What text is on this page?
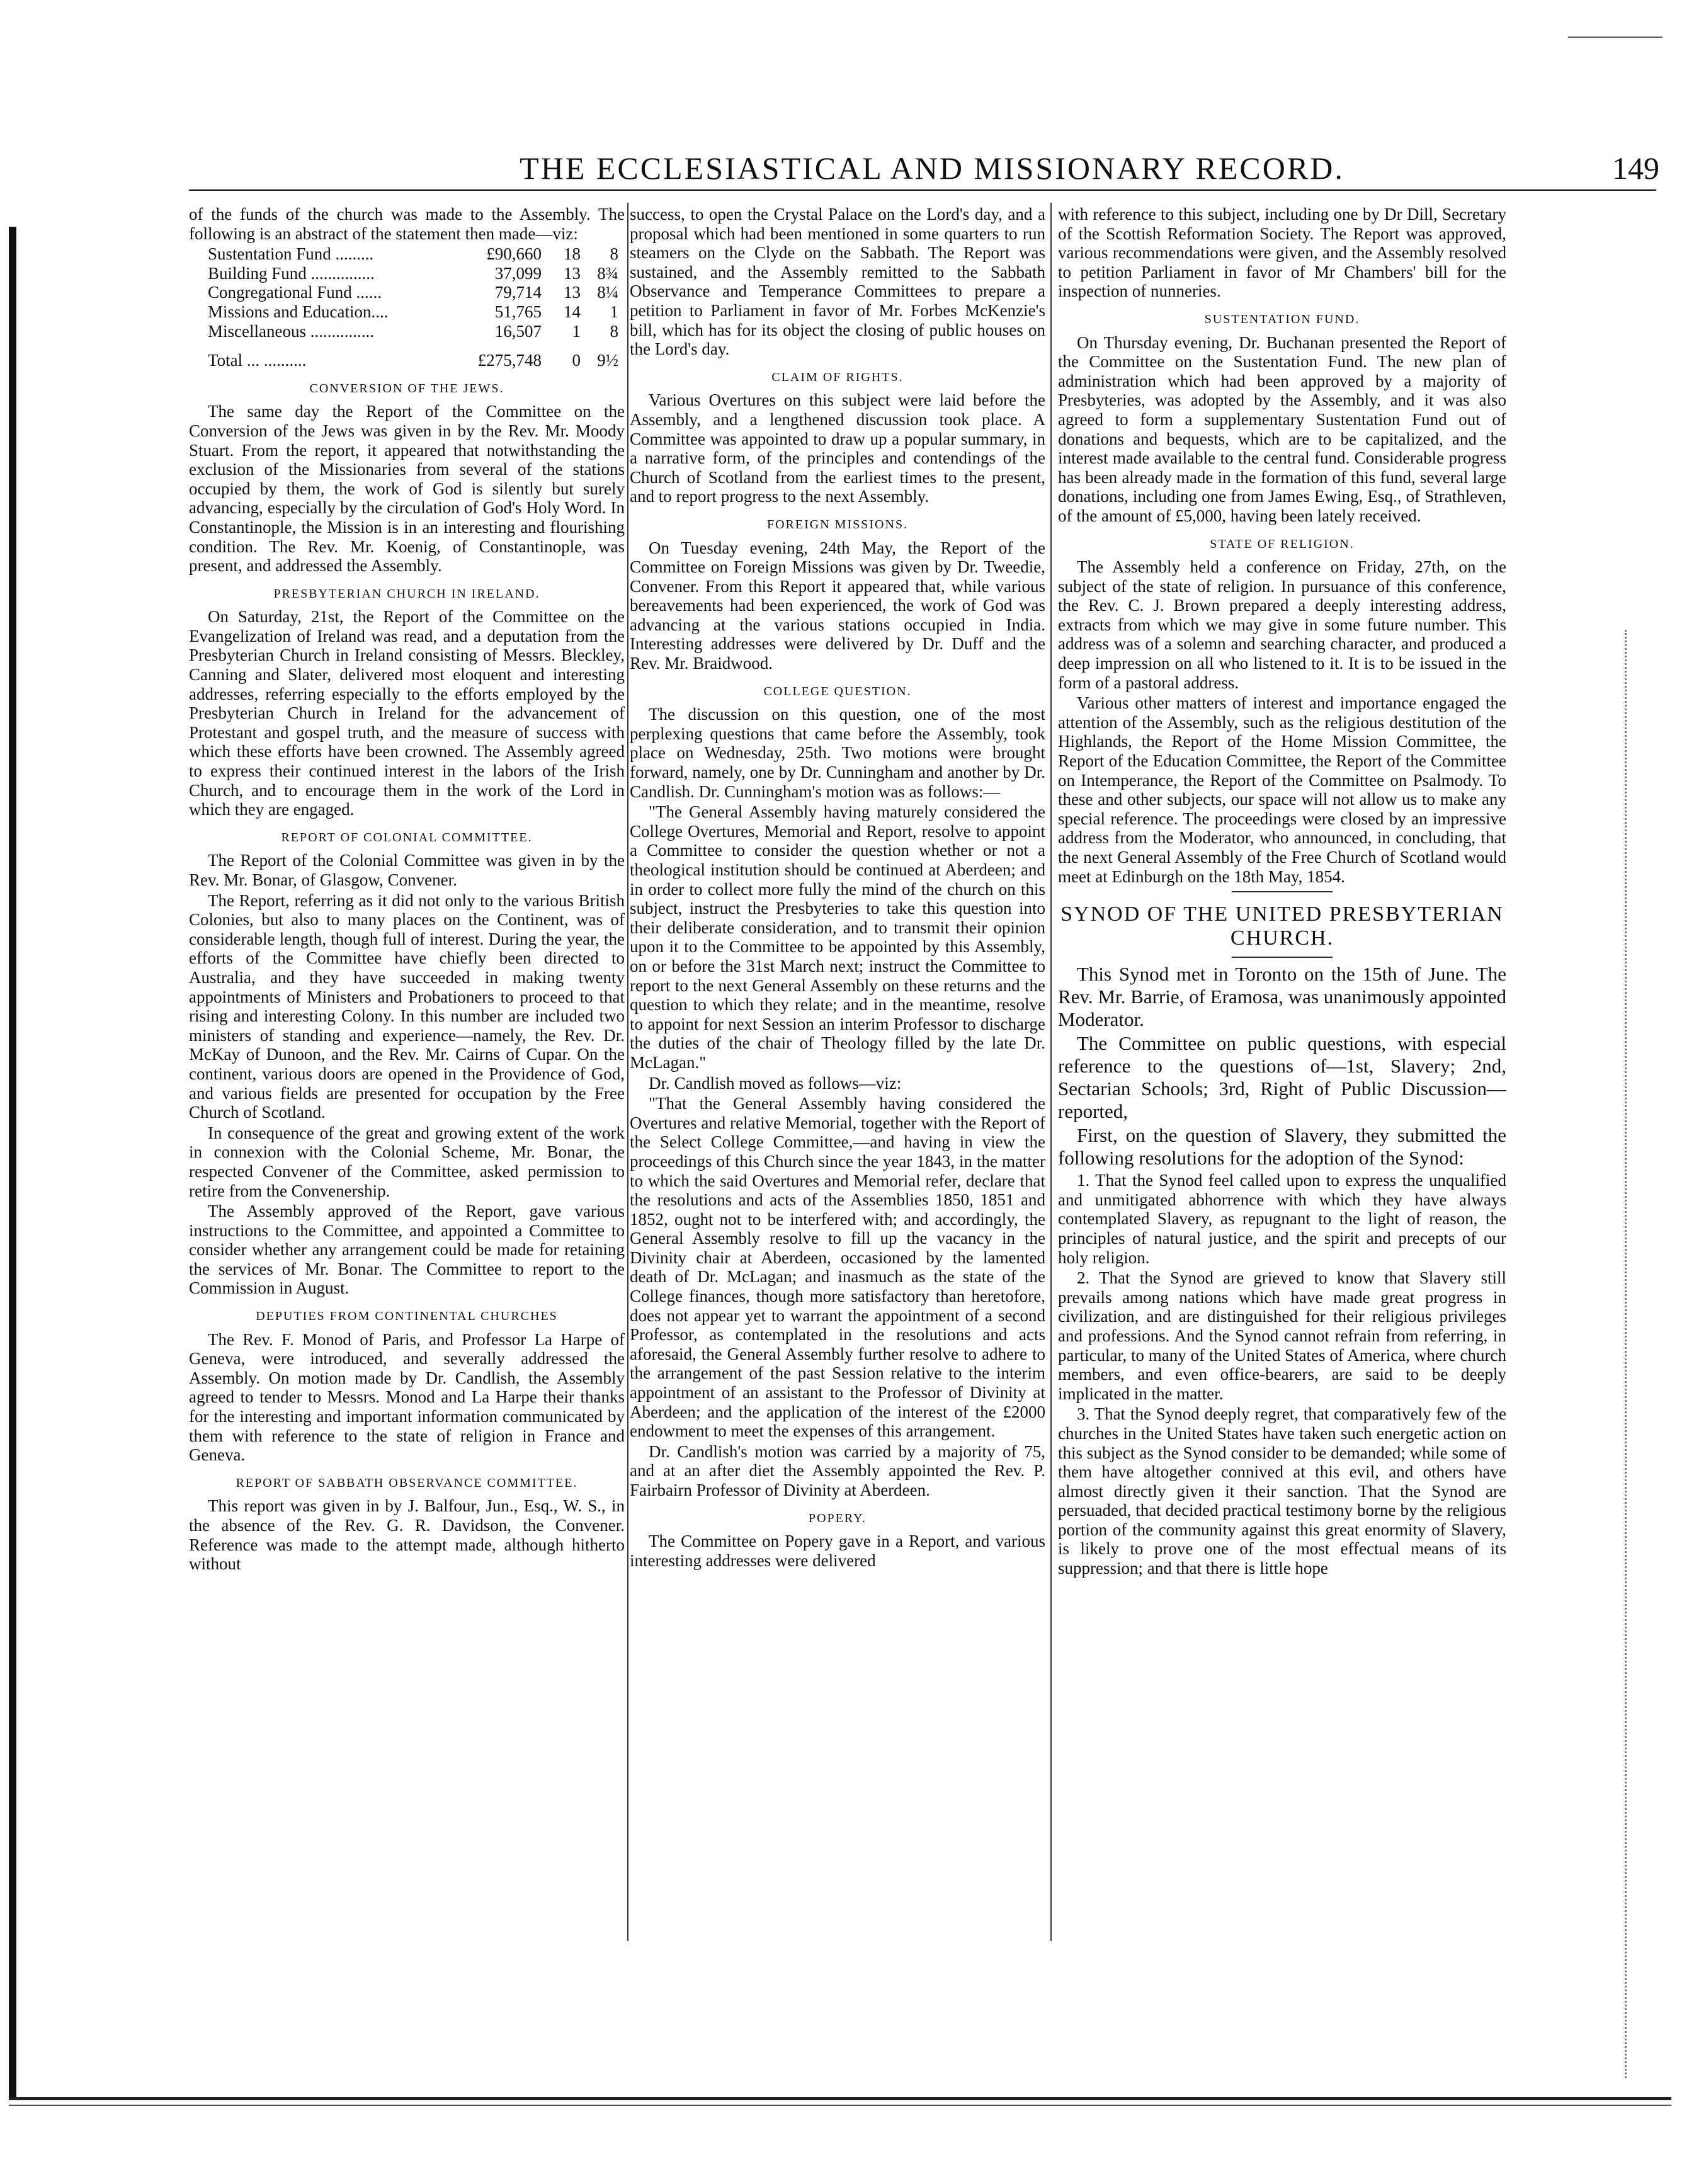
THE ECCLESIASTICAL AND MISSIONARY RECORD.	149

of the funds of the church was made to the Assembly. The following is an abstract of the statement then made—viz:

Sustentation Fund .........	£90,660	18	8
Building Fund ...............	37,099	13	8¾
Congregational Fund ......	79,714	13	8¼
Missions and Education....	51,765	14	1
Miscellaneous ...............	16,507	1	8
Total ... ..........	£275,748	0	9½
CONVERSION OF THE JEWS.

The same day the Report of the Committee on the Conversion of the Jews was given in by the Rev. Mr. Moody Stuart. From the report, it appeared that notwithstanding the exclusion of the Missionaries from several of the stations occupied by them, the work of God is silently but surely advancing, especially by the circulation of God's Holy Word. In Constantinople, the Mission is in an interesting and flourishing condition. The Rev. Mr. Koenig, of Constantinople, was present, and addressed the Assembly.

PRESBYTERIAN CHURCH IN IRELAND.

On Saturday, 21st, the Report of the Committee on the Evangelization of Ireland was read, and a deputation from the Presbyterian Church in Ireland consisting of Messrs. Bleckley, Canning and Slater, delivered most eloquent and interesting addresses, referring especially to the efforts employed by the Presbyterian Church in Ireland for the advancement of Protestant and gospel truth, and the measure of success with which these efforts have been crowned. The Assembly agreed to express their continued interest in the labors of the Irish Church, and to encourage them in the work of the Lord in which they are engaged.

REPORT OF COLONIAL COMMITTEE.

The Report of the Colonial Committee was given in by the Rev. Mr. Bonar, of Glasgow, Convener.

The Report, referring as it did not only to the various British Colonies, but also to many places on the Continent, was of considerable length, though full of interest. During the year, the efforts of the Committee have chiefly been directed to Australia, and they have succeeded in making twenty appointments of Ministers and Probationers to proceed to that rising and interesting Colony. In this number are included two ministers of standing and experience—namely, the Rev. Dr. McKay of Dunoon, and the Rev. Mr. Cairns of Cupar. On the continent, various doors are opened in the Providence of God, and various fields are presented for occupation by the Free Church of Scotland.

In consequence of the great and growing extent of the work in connexion with the Colonial Scheme, Mr. Bonar, the respected Convener of the Committee, asked permission to retire from the Convenership.

The Assembly approved of the Report, gave various instructions to the Committee, and appointed a Committee to consider whether any arrangement could be made for retaining the services of Mr. Bonar. The Committee to report to the Commission in August.

DEPUTIES FROM CONTINENTAL CHURCHES

The Rev. F. Monod of Paris, and Professor La Harpe of Geneva, were introduced, and severally addressed the Assembly. On motion made by Dr. Candlish, the Assembly agreed to tender to Messrs. Monod and La Harpe their thanks for the interesting and important information communicated by them with reference to the state of religion in France and Geneva.

REPORT OF SABBATH OBSERVANCE COMMITTEE.

This report was given in by J. Balfour, Jun., Esq., W. S., in the absence of the Rev. G. R. Davidson, the Convener. Reference was made to the attempt made, although hitherto without

success, to open the Crystal Palace on the Lord's day, and a proposal which had been mentioned in some quarters to run steamers on the Clyde on the Sabbath. The Report was sustained, and the Assembly remitted to the Sabbath Observance and Temperance Committees to prepare a petition to Parliament in favor of Mr. Forbes McKenzie's bill, which has for its object the closing of public houses on the Lord's day.

CLAIM OF RIGHTS.

Various Overtures on this subject were laid before the Assembly, and a lengthened discussion took place. A Committee was appointed to draw up a popular summary, in a narrative form, of the principles and contendings of the Church of Scotland from the earliest times to the present, and to report progress to the next Assembly.

FOREIGN MISSIONS.

On Tuesday evening, 24th May, the Report of the Committee on Foreign Missions was given by Dr. Tweedie, Convener. From this Report it appeared that, while various bereavements had been experienced, the work of God was advancing at the various stations occupied in India. Interesting addresses were delivered by Dr. Duff and the Rev. Mr. Braidwood.

COLLEGE QUESTION.

The discussion on this question, one of the most perplexing questions that came before the Assembly, took place on Wednesday, 25th. Two motions were brought forward, namely, one by Dr. Cunningham and another by Dr. Candlish. Dr. Cunningham's motion was as follows:—

"The General Assembly having maturely considered the College Overtures, Memorial and Report, resolve to appoint a Committee to consider the question whether or not a theological institution should be continued at Aberdeen; and in order to collect more fully the mind of the church on this subject, instruct the Presbyteries to take this question into their deliberate consideration, and to transmit their opinion upon it to the Committee to be appointed by this Assembly, on or before the 31st March next; instruct the Committee to report to the next General Assembly on these returns and the question to which they relate; and in the meantime, resolve to appoint for next Session an interim Professor to discharge the duties of the chair of Theology filled by the late Dr. McLagan."

Dr. Candlish moved as follows—viz:

"That the General Assembly having considered the Overtures and relative Memorial, together with the Report of the Select College Committee,—and having in view the proceedings of this Church since the year 1843, in the matter to which the said Overtures and Memorial refer, declare that the resolutions and acts of the Assemblies 1850, 1851 and 1852, ought not to be interfered with; and accordingly, the General Assembly resolve to fill up the vacancy in the Divinity chair at Aberdeen, occasioned by the lamented death of Dr. McLagan; and inasmuch as the state of the College finances, though more satisfactory than heretofore, does not appear yet to warrant the appointment of a second Professor, as contemplated in the resolutions and acts aforesaid, the General Assembly further resolve to adhere to the arrangement of the past Session relative to the interim appointment of an assistant to the Professor of Divinity at Aberdeen; and the application of the interest of the £2000 endowment to meet the expenses of this arrangement.

Dr. Candlish's motion was carried by a majority of 75, and at an after diet the Assembly appointed the Rev. P. Fairbairn Professor of Divinity at Aberdeen.

POPERY.

The Committee on Popery gave in a Report, and various interesting addresses were delivered

with reference to this subject, including one by Dr Dill, Secretary of the Scottish Reformation Society. The Report was approved, various recommendations were given, and the Assembly resolved to petition Parliament in favor of Mr Chambers' bill for the inspection of nunneries.

SUSTENTATION FUND.

On Thursday evening, Dr. Buchanan presented the Report of the Committee on the Sustentation Fund. The new plan of administration which had been approved by a majority of Presbyteries, was adopted by the Assembly, and it was also agreed to form a supplementary Sustentation Fund out of donations and bequests, which are to be capitalized, and the interest made available to the central fund. Considerable progress has been already made in the formation of this fund, several large donations, including one from James Ewing, Esq., of Strathleven, of the amount of £5,000, having been lately received.

STATE OF RELIGION.

The Assembly held a conference on Friday, 27th, on the subject of the state of religion. In pursuance of this conference, the Rev. C. J. Brown prepared a deeply interesting address, extracts from which we may give in some future number. This address was of a solemn and searching character, and produced a deep impression on all who listened to it. It is to be issued in the form of a pastoral address.

Various other matters of interest and importance engaged the attention of the Assembly, such as the religious destitution of the Highlands, the Report of the Home Mission Committee, the Report of the Education Committee, the Report of the Committee on Intemperance, the Report of the Committee on Psalmody. To these and other subjects, our space will not allow us to make any special reference. The proceedings were closed by an impressive address from the Moderator, who announced, in concluding, that the next General Assembly of the Free Church of Scotland would meet at Edinburgh on the 18th May, 1854.

SYNOD OF THE UNITED PRESBYTERIAN CHURCH.

This Synod met in Toronto on the 15th of June. The Rev. Mr. Barrie, of Eramosa, was unanimously appointed Moderator.

The Committee on public questions, with especial reference to the questions of—1st, Slavery; 2nd, Sectarian Schools; 3rd, Right of Public Discussion—reported,

First, on the question of Slavery, they submitted the following resolutions for the adoption of the Synod:

1. That the Synod feel called upon to express the unqualified and unmitigated abhorrence with which they have always contemplated Slavery, as repugnant to the light of reason, the principles of natural justice, and the spirit and precepts of our holy religion.

2. That the Synod are grieved to know that Slavery still prevails among nations which have made great progress in civilization, and are distinguished for their religious privileges and professions. And the Synod cannot refrain from referring, in particular, to many of the United States of America, where church members, and even office-bearers, are said to be deeply implicated in the matter.

3. That the Synod deeply regret, that comparatively few of the churches in the United States have taken such energetic action on this subject as the Synod consider to be demanded; while some of them have altogether connived at this evil, and others have almost directly given it their sanction. That the Synod are persuaded, that decided practical testimony borne by the religious portion of the community against this great enormity of Slavery, is likely to prove one of the most effectual means of its suppression; and that there is little hope
